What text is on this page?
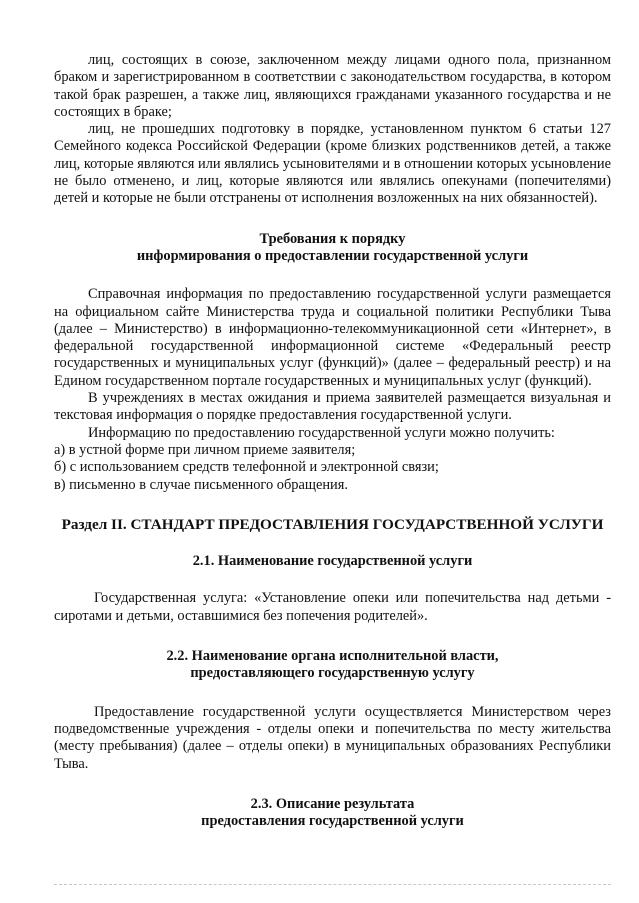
лиц, состоящих в союзе, заключенном между лицами одного пола, признанном браком и зарегистрированном в соответствии с законодательством государства, в котором такой брак разрешен, а также лиц, являющихся гражданами указанного государства и не состоящих в браке;

лиц, не прошедших подготовку в порядке, установленном пунктом 6 статьи 127 Семейного кодекса Российской Федерации (кроме близких родственников детей, а также лиц, которые являются или являлись усыновителями и в отношении которых усыновление не было отменено, и лиц, которые являются или являлись опекунами (попечителями) детей и которые не были отстранены от исполнения возложенных на них обязанностей).

Требования к порядку

информирования о предоставлении государственной услуги

Справочная информация по предоставлению государственной услуги размещается на официальном сайте Министерства труда и социальной политики Республики Тыва (далее – Министерство) в информационно-телекоммуникационной сети «Интернет», в федеральной государственной информационной системе «Федеральный реестр государственных и муниципальных услуг (функций)» (далее – федеральный реестр) и на Едином государственном портале государственных и муниципальных услуг (функций).

В учреждениях в местах ожидания и приема заявителей размещается визуальная и текстовая информация о порядке предоставления государственной услуги.

Информацию по предоставлению государственной услуги можно получить:

а) в устной форме при личном приеме заявителя;

б) с использованием средств телефонной и электронной связи;

в) письменно в случае письменного обращения.

Раздел II. СТАНДАРТ ПРЕДОСТАВЛЕНИЯ ГОСУДАРСТВЕННОЙ УСЛУГИ

2.1. Наименование государственной услуги

Государственная услуга: «Установление опеки или попечительства над детьми - сиротами и детьми, оставшимися без попечения родителей».

2.2. Наименование органа исполнительной власти,

предоставляющего государственную услугу

Предоставление государственной услуги осуществляется Министерством через подведомственные учреждения - отделы опеки и попечительства по месту жительства (месту пребывания) (далее – отделы опеки) в муниципальных образованиях Республики Тыва.

2.3. Описание результата

предоставления государственной услуги
